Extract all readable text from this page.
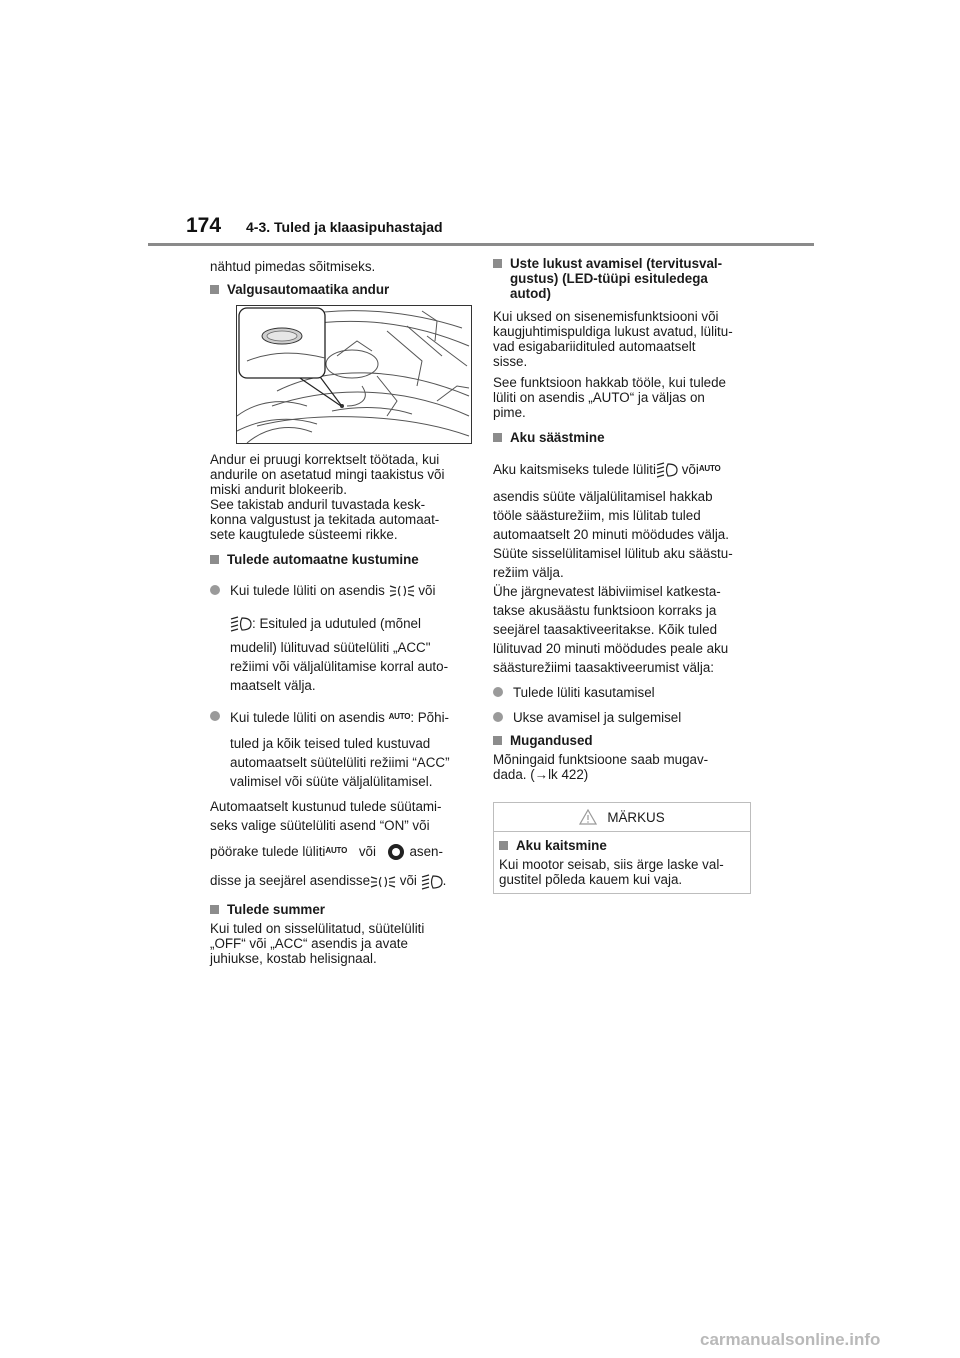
174 4-3. Tuled ja klaasipuhastajad

nähtud pimedas sõitmiseks.

Valgusautomaatika andur

Andur ei pruugi korrektselt töötada, kui
andurile on asetatud mingi taakistus või
miski andurit blokeerib.
See takistab anduril tuvastada kesk-
konna valgustust ja tekitada automaat-
sete kaugtulede süsteemi rikke.

Tulede automaatne kustumine
Kui tulede lüliti on asendis või
: Esituled ja udutuled (mõnel

mudelil) lülituvad süütelüliti „ACC"
režiimi või väljalülitamise korral auto-
maatselt välja.
Kui tulede lüliti on asendis $^{AUTO}$: Põhi-
tuled ja kõik teised tuled kustuvad
automaatselt süütelüliti režiimi “ACC”
valimisel või süüte väljalülitamisel.
Automaatselt kustunud tulede süütami-
seks valige süütelüliti asend “ON” või

pöörake tulede lüliti$^{AUTO}$ või asen-
disse ja seejärel asendisse või .
Tulede summer

Kui tuled on sisselülitatud, süütelüliti
„OFF“ või „ACC“ asendis ja avate
juhiukse, kostab helisignaal.

Uste lukust avamisel (tervitusval-
gustus) (LED-tüüpi esituledega
autod)

Kui uksed on sisenemisfunktsiooni või
kaugjuhtimispuldiga lukust avatud, lülitu-
vad esigabariidituled automaatselt
sisse.

See funktsioon hakkab tööle, kui tulede
lüliti on asendis „AUTO“ ja väljas on
pime.

Aku säästmine
Aku kaitsmiseks tulede lüliti või$^{AUTO}$
asendis süüte väljalülitamisel hakkab
tööle säästurežiim, mis lülitab tuled
automaatselt 20 minuti möödudes välja.
Süüte sisselülitamisel lülitub aku säästu-
režiim välja.
Ühe järgnevatest läbiviimisel katkesta-
takse akusäästu funktsioon korraks ja
seejärel taasaktiveeritakse. Kõik tuled
lülituvad 20 minuti möödudes peale aku
säästurežiimi taasaktiveerumist välja:
Tulede lüliti kasutamisel
Ukse avamisel ja sulgemisel
Mugandused

Mõningaid funktsioone saab mugav-
dada. (→lk 422)

MÄRKUS
Aku kaitsmine
Kui mootor seisab, siis ärge laske val-
gustitel põleda kauem kui vaja.
carmanualsonline.info
